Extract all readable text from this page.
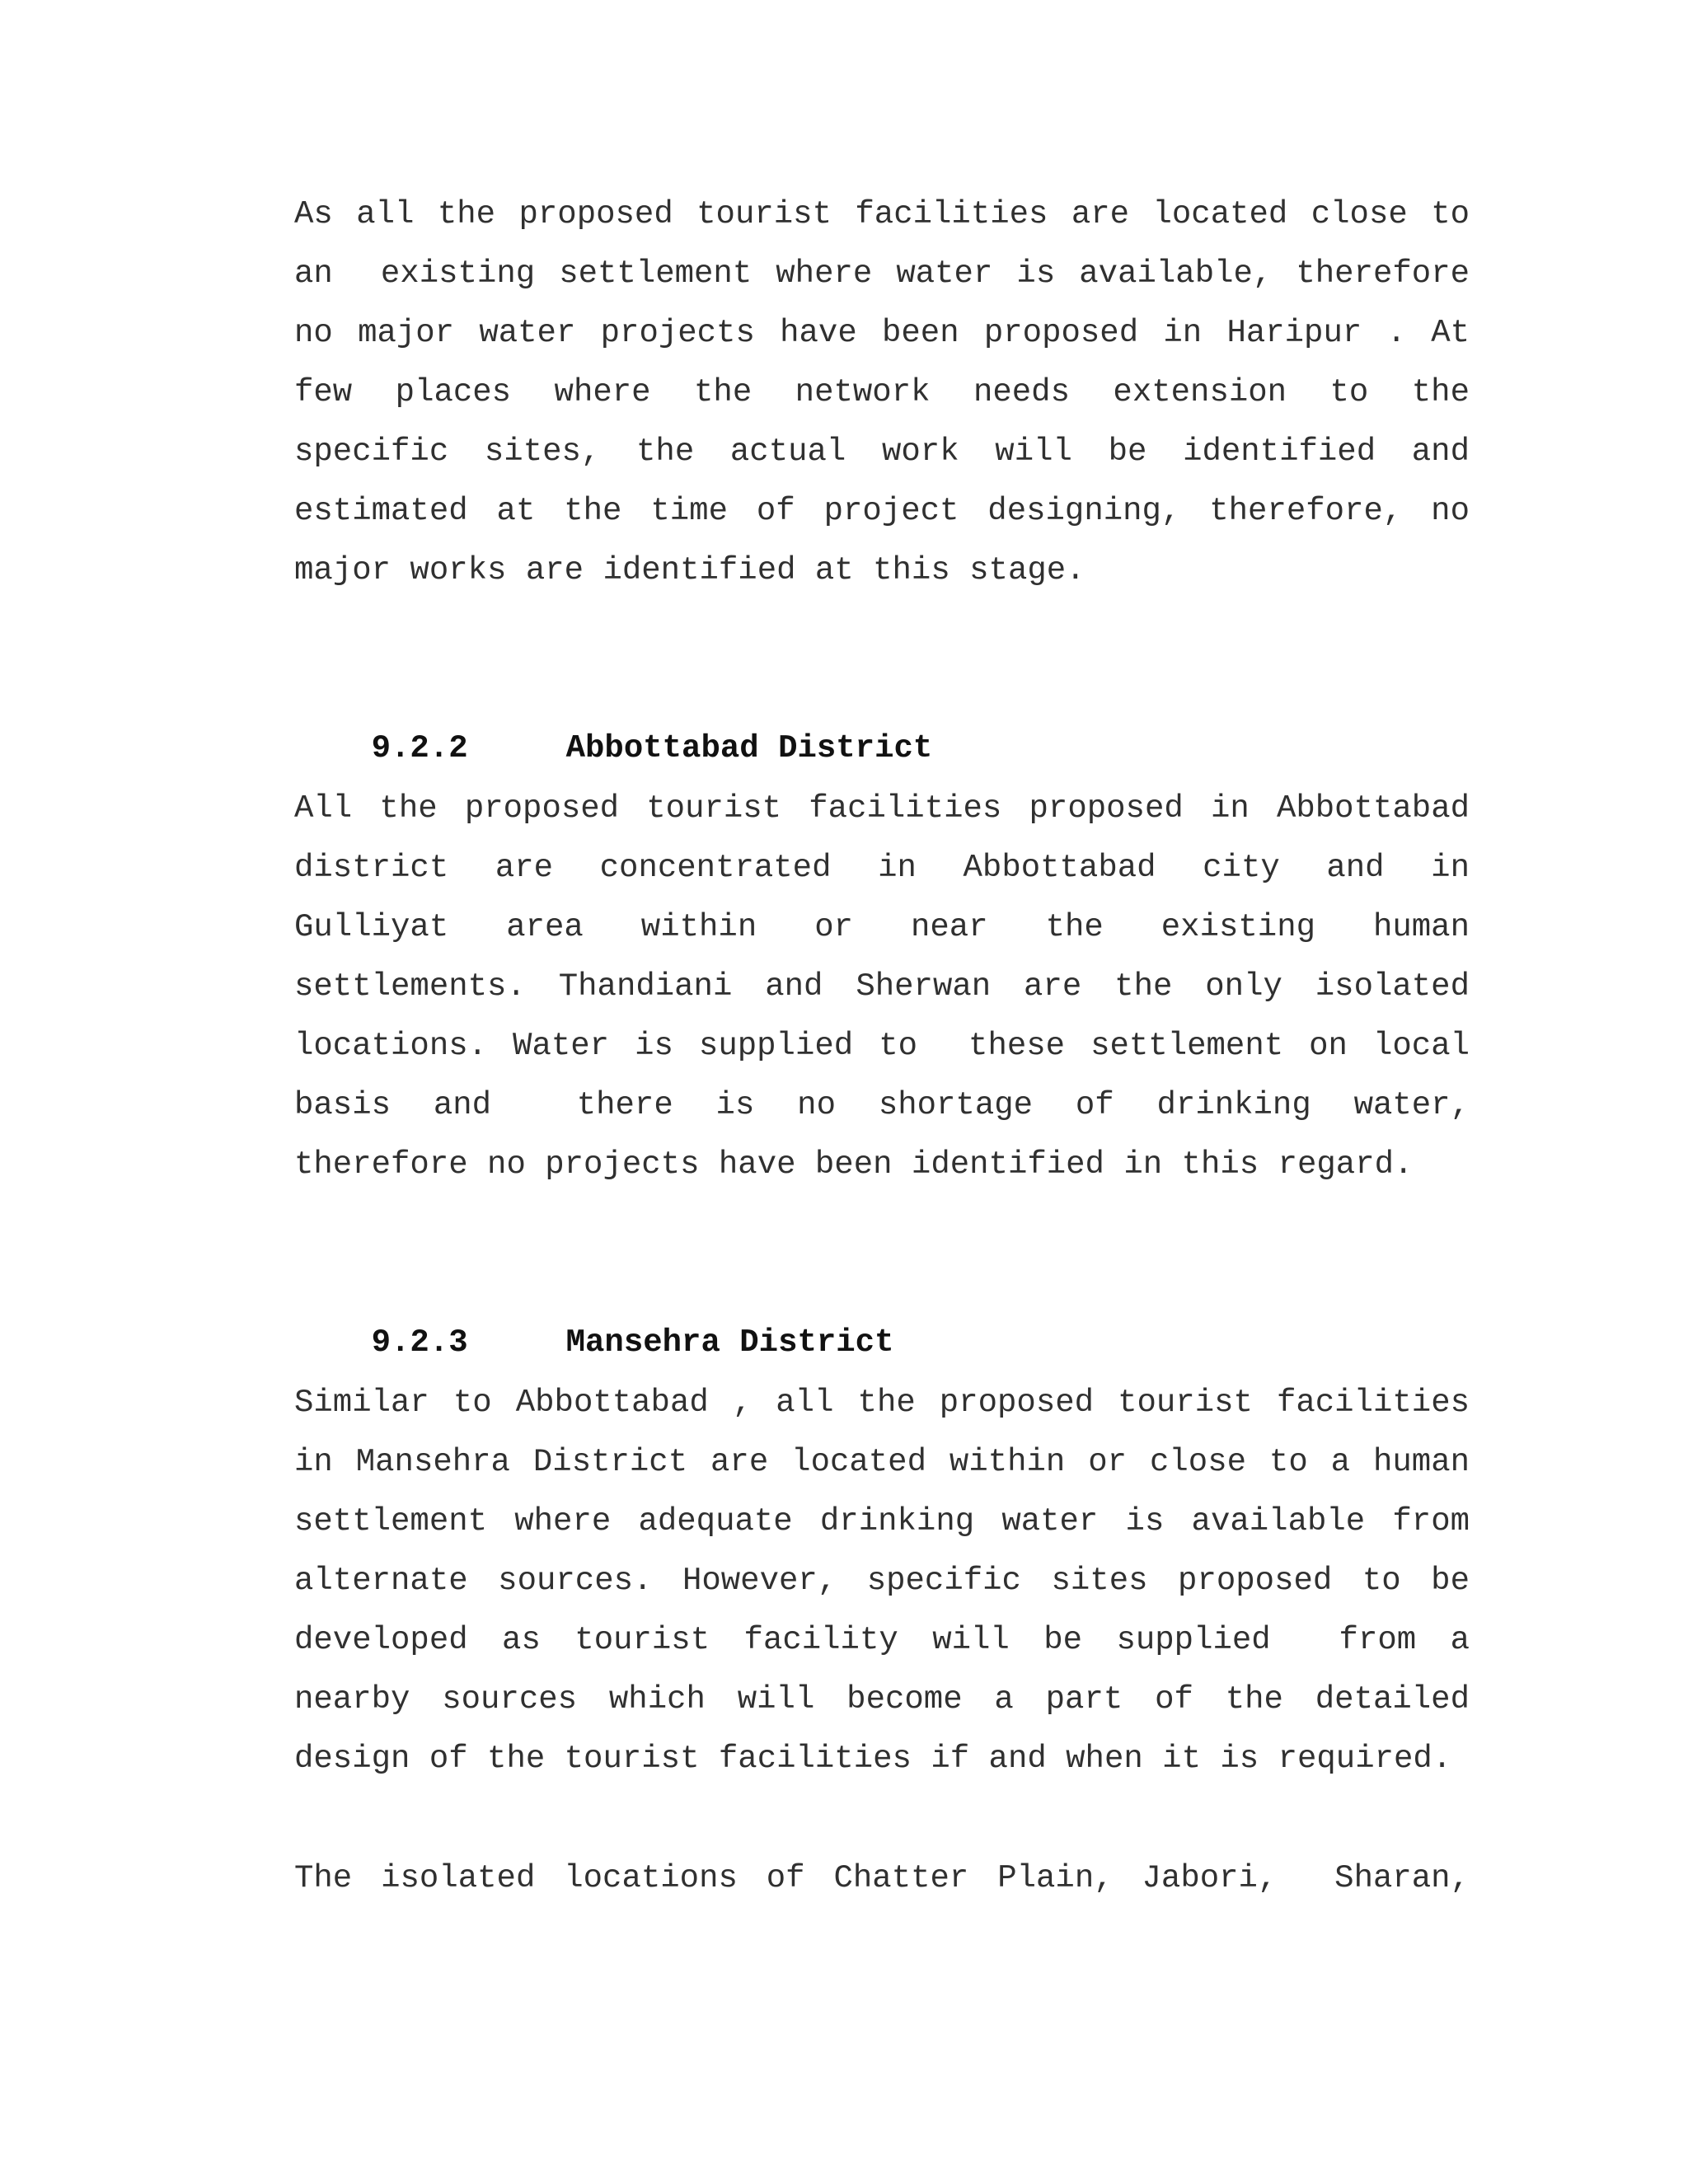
As all the proposed tourist facilities are located close to
an  existing settlement where water is available, therefore
no major water projects have been proposed in Haripur . At
few places where the network needs extension to the
specific sites, the actual work will be identified and
estimated at the time of project designing, therefore, no
major works are identified at this stage.

9.2.2	Abbottabad District

All the proposed tourist facilities proposed in Abbottabad
district are concentrated in Abbottabad city and in
Gulliyat area within or near the existing human
settlements. Thandiani and Sherwan are the only isolated
locations. Water is supplied to  these settlement on local
basis and  there is no shortage of drinking water,
therefore no projects have been identified in this regard.

9.2.3	Mansehra District

Similar to Abbottabad , all the proposed tourist facilities
in Mansehra District are located within or close to a human
settlement where adequate drinking water is available from
alternate sources. However, specific sites proposed to be
developed as tourist facility will be supplied  from a
nearby sources which will become a part of the detailed
design of the tourist facilities if and when it is required.
The isolated locations of Chatter Plain, Jabori,  Sharan,
